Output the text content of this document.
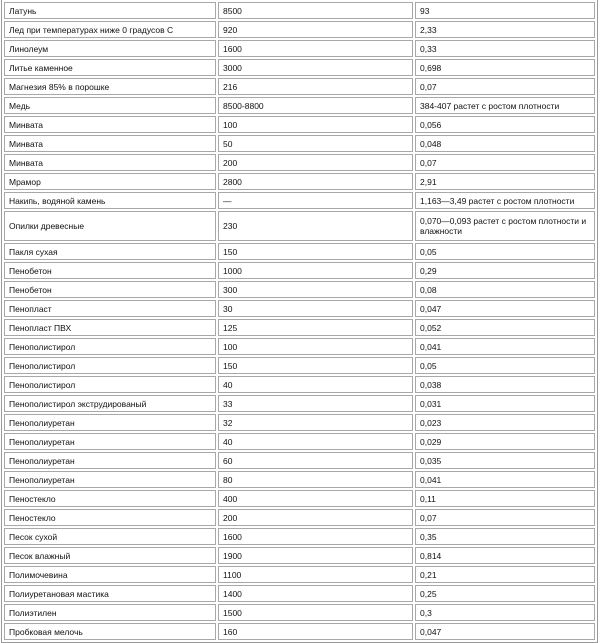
Латунь	8500	93
Лед при температурах ниже 0 градусов С	920	2,33
Линолеум	1600	0,33
Литье каменное	3000	0,698
Магнезия 85% в порошке	216	0,07
Медь	8500-8800	384-407 растет с ростом плотности
Минвата	100	0,056
Минвата	50	0,048
Минвата	200	0,07
Мрамор	2800	2,91
Накипь, водяной камень	—	1,163—3,49 растет с ростом плотности
Опилки древесные	230	0,070—0,093 растет с ростом плотности и влажности
Пакля сухая	150	0,05
Пенобетон	1000	0,29
Пенобетон	300	0,08
Пенопласт	30	0,047
Пенопласт ПВХ	125	0,052
Пенополистирол	100	0,041
Пенополистирол	150	0,05
Пенополистирол	40	0,038
Пенополистирол экструдированый	33	0,031
Пенополиуретан	32	0,023
Пенополиуретан	40	0,029
Пенополиуретан	60	0,035
Пенополиуретан	80	0,041
Пеностекло	400	0,11
Пеностекло	200	0,07
Песок сухой	1600	0,35
Песок влажный	1900	0,814
Полимочевина	1100	0,21
Полиуретановая мастика	1400	0,25
Полиэтилен	1500	0,3
Пробковая мелочь	160	0,047
